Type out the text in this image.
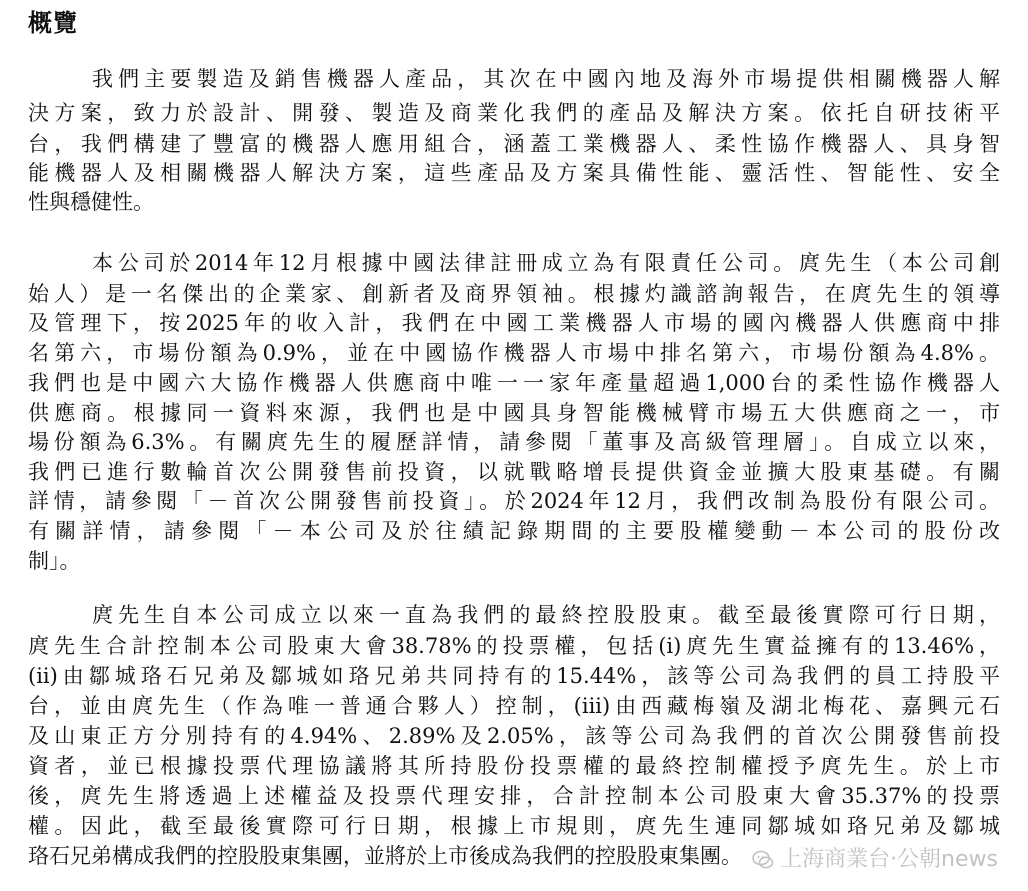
概覽
我們主要製造及銷售機器人產品，其次在中國內地及海外市場提供相關機器人解
決方案，致力於設計、開發、製造及商業化我們的產品及解決方案。依托自研技術平
台，我們構建了豐富的機器人應用組合，涵蓋工業機器人、柔性協作機器人、具身智
能機器人及相關機器人解決方案，這些產品及方案具備性能、靈活性、智能性、安全
性與穩健性。
本公司於2014年12月根據中國法律註冊成立為有限責任公司。庹先生（本公司創
始人）是一名傑出的企業家、創新者及商界領袖。根據灼識諮詢報告，在庹先生的領導
及管理下，按2025年的收入計，我們在中國工業機器人市場的國內機器人供應商中排
名第六，市場份額為0.9%，並在中國協作機器人市場中排名第六，市場份額為4.8%。
我們也是中國六大協作機器人供應商中唯一一家年產量超過1,000台的柔性協作機器人
供應商。根據同一資料來源，我們也是中國具身智能機械臂市場五大供應商之一，市
場份額為6.3%。有關庹先生的履歷詳情，請參閱「董事及高級管理層」。自成立以來，
我們已進行數輪首次公開發售前投資，以就戰略增長提供資金並擴大股東基礎。有關
詳情，請參閱「－首次公開發售前投資」。於2024年12月，我們改制為股份有限公司。
有關詳情，請參閱「－本公司及於往績記錄期間的主要股權變動－本公司的股份改
制」。
庹先生自本公司成立以來一直為我們的最終控股股東。截至最後實際可行日期，
庹先生合計控制本公司股東大會38.78%的投票權，包括(i)庹先生實益擁有的13.46%，
(ii)由鄒城珞石兄弟及鄒城如珞兄弟共同持有的15.44%，該等公司為我們的員工持股平
台，並由庹先生（作為唯一普通合夥人）控制，(iii)由西藏梅嶺及湖北梅花、嘉興元石
及山東正方分別持有的4.94%、2.89%及2.05%，該等公司為我們的首次公開發售前投
資者，並已根據投票代理協議將其所持股份投票權的最終控制權授予庹先生。於上市
後，庹先生將透過上述權益及投票代理安排，合計控制本公司股東大會35.37%的投票
權。因此，截至最後實際可行日期，根據上市規則，庹先生連同鄒城如珞兄弟及鄒城
珞石兄弟構成我們的控股股東集團，並將於上市後成為我們的控股股東集團。	上海商業台·公朝news
